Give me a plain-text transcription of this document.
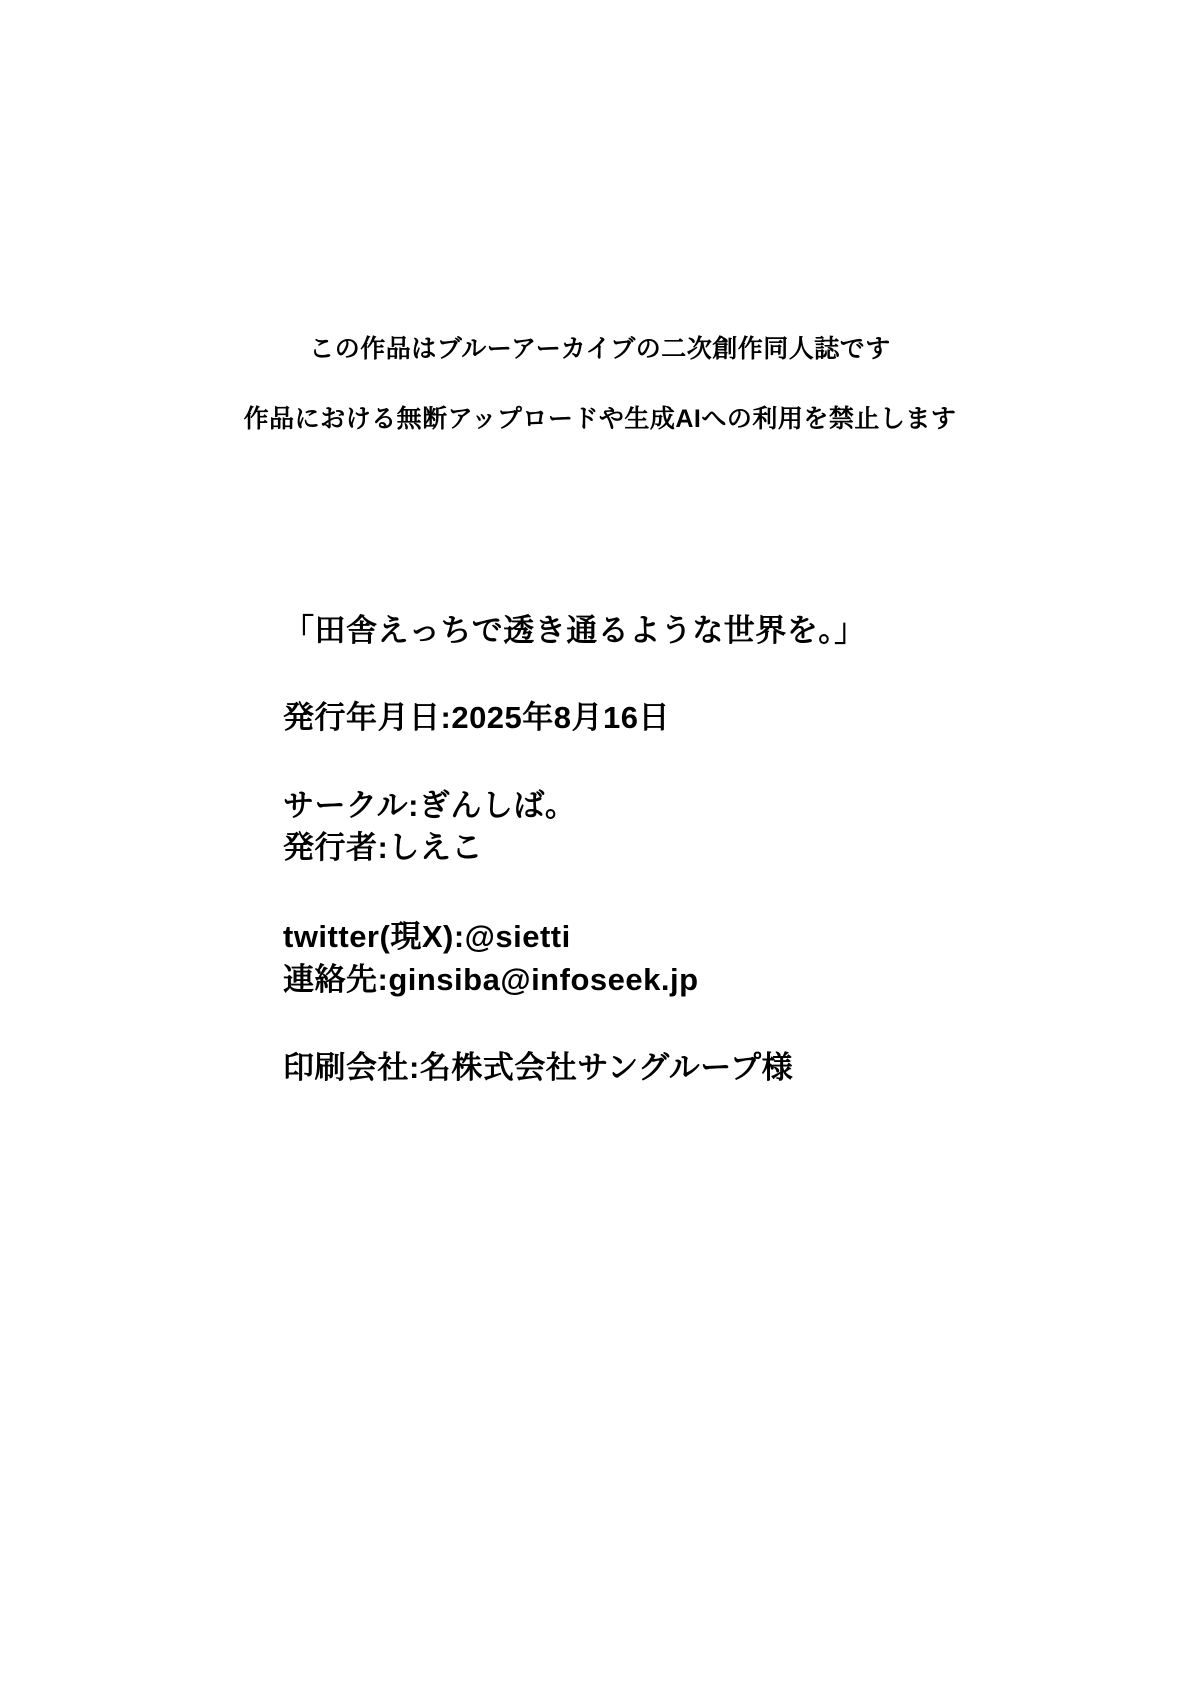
この作品はブルーアーカイブの二次創作同人誌です
作品における無断アップロードや生成AIへの利用を禁止します
「田舎えっちで透き通るような世界を。」
発行年月日:2025年8月16日
サークル:ぎんしば。
発行者:しえこ
twitter(現X):@sietti
連絡先:ginsiba@infoseek.jp
印刷会社:名株式会社サングループ様
